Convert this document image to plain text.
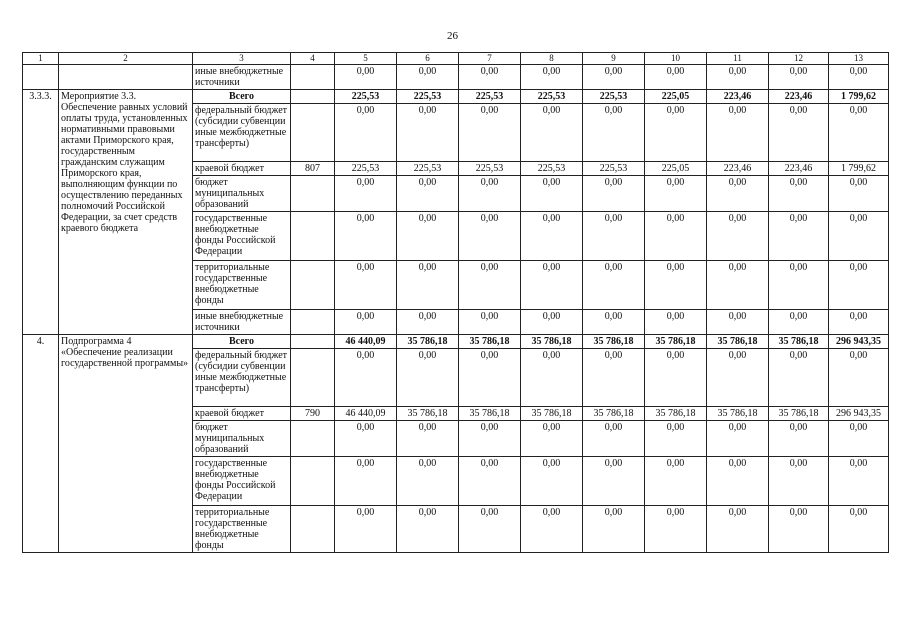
26
1	2	3	4	5	6	7	8	9	10	11	12	13
		иные внебюджетные источники		0,00	0,00	0,00	0,00	0,00	0,00	0,00	0,00	0,00
3.3.3.	Мероприятие 3.3. Обеспечение равных условий оплаты труда, установленных нормативными правовыми актами Приморского края, государственным гражданским служащим Приморского края, выполняющим функции по осуществлению переданных полномочий Российской Федерации, за счет средств краевого бюджета	Всего		225,53	225,53	225,53	225,53	225,53	225,05	223,46	223,46	1 799,62
		федеральный бюджет (субсидии субвенции иные межбюджетные трансферты)		0,00	0,00	0,00	0,00	0,00	0,00	0,00	0,00	0,00
		краевой бюджет	807	225,53	225,53	225,53	225,53	225,53	225,05	223,46	223,46	1 799,62
		бюджет муниципальных образований		0,00	0,00	0,00	0,00	0,00	0,00	0,00	0,00	0,00
		государственные внебюджетные фонды Российской Федерации		0,00	0,00	0,00	0,00	0,00	0,00	0,00	0,00	0,00
		территориальные государственные внебюджетные фонды		0,00	0,00	0,00	0,00	0,00	0,00	0,00	0,00	0,00
		иные внебюджетные источники		0,00	0,00	0,00	0,00	0,00	0,00	0,00	0,00	0,00
4.	Подпрограмма 4 «Обеспечение реализации государственной программы»	Всего		46 440,09	35 786,18	35 786,18	35 786,18	35 786,18	35 786,18	35 786,18	35 786,18	296 943,35
		федеральный бюджет (субсидии субвенции иные межбюджетные трансферты)		0,00	0,00	0,00	0,00	0,00	0,00	0,00	0,00	0,00
		краевой бюджет	790	46 440,09	35 786,18	35 786,18	35 786,18	35 786,18	35 786,18	35 786,18	35 786,18	296 943,35
		бюджет муниципальных образований		0,00	0,00	0,00	0,00	0,00	0,00	0,00	0,00	0,00
		государственные внебюджетные фонды Российской Федерации		0,00	0,00	0,00	0,00	0,00	0,00	0,00	0,00	0,00
		территориальные государственные внебюджетные фонды		0,00	0,00	0,00	0,00	0,00	0,00	0,00	0,00	0,00
